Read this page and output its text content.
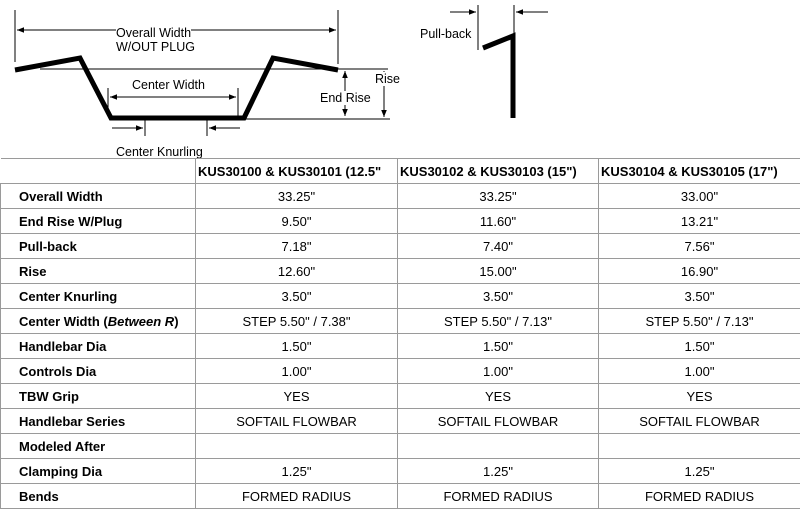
Overall Width
W/OUT PLUG
Center Width
End Rise
Rise
Center Knurling
Pull-back
	KUS30100 & KUS30101 (12.5"	KUS30102 & KUS30103 (15")	KUS30104 & KUS30105 (17")
Overall Width	33.25"	33.25"	33.00"
End Rise W/Plug	9.50"	11.60"	13.21"
Pull-back	7.18"	7.40"	7.56"
Rise	12.60"	15.00"	16.90"
Center Knurling	3.50"	3.50"	3.50"
Center Width (Between R)	STEP 5.50" / 7.38"	STEP 5.50" / 7.13"	STEP 5.50" / 7.13"
Handlebar Dia	1.50"	1.50"	1.50"
Controls Dia	1.00"	1.00"	1.00"
TBW Grip	YES	YES	YES
Handlebar Series	SOFTAIL FLOWBAR	SOFTAIL FLOWBAR	SOFTAIL FLOWBAR
Modeled After			
Clamping Dia	1.25"	1.25"	1.25"
Bends	FORMED RADIUS	FORMED RADIUS	FORMED RADIUS
